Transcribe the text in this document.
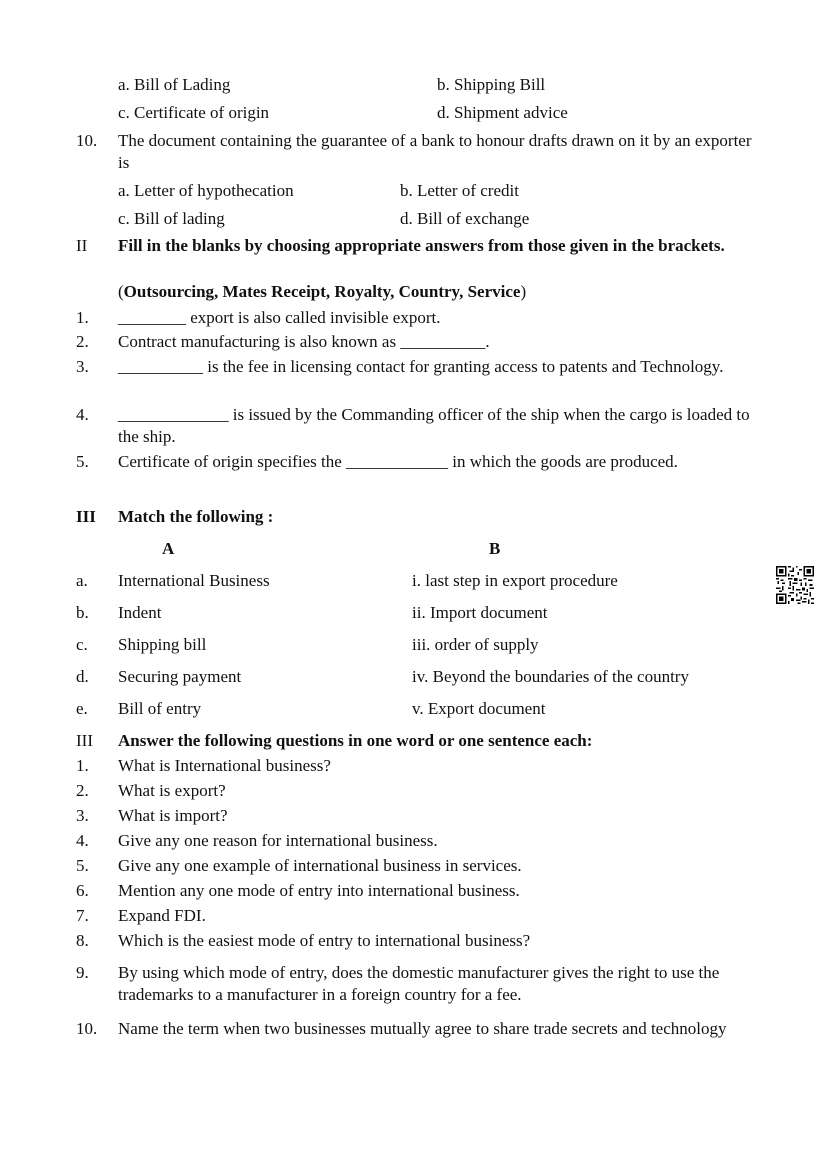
a. Bill of Lading	b. Shipping Bill
c. Certificate of origin	d. Shipment advice
10.	The document containing the guarantee of a bank to honour drafts drawn on it by an exporter is
a. Letter of hypothecation	b. Letter of credit
c. Bill of lading	d. Bill of exchange
II	Fill in the blanks by choosing appropriate answers from those given in the brackets.
(Outsourcing, Mates Receipt, Royalty, Country, Service)
1.	________ export is also called invisible export.
2.	Contract manufacturing is also known as __________.
3.	__________ is the fee in licensing contact for granting access to patents and Technology.
4.	_____________ is issued by the Commanding officer of the ship when the cargo is loaded to the ship.
5.	Certificate of origin specifies the ____________ in which the goods are produced.
III	Match the following :
A	B
a. International Business	i. last step in export procedure
b. Indent	ii. Import document
c. Shipping bill	iii. order of supply
d. Securing payment	iv. Beyond the boundaries of the country
e. Bill of entry	v. Export document
III	Answer the following questions in one word or one sentence each:
1.	What is International business?
2.	What is export?
3.	What is import?
4.	Give any one reason for international business.
5.	Give any one example of international business in services.
6.	Mention any one mode of entry into international business.
7.	Expand FDI.
8.	Which is the easiest mode of entry to international business?
9.	By using which mode of entry, does the domestic manufacturer gives the right to use the trademarks to a manufacturer in a foreign country for a fee.
10.	Name the term when two businesses mutually agree to share trade secrets and technology
